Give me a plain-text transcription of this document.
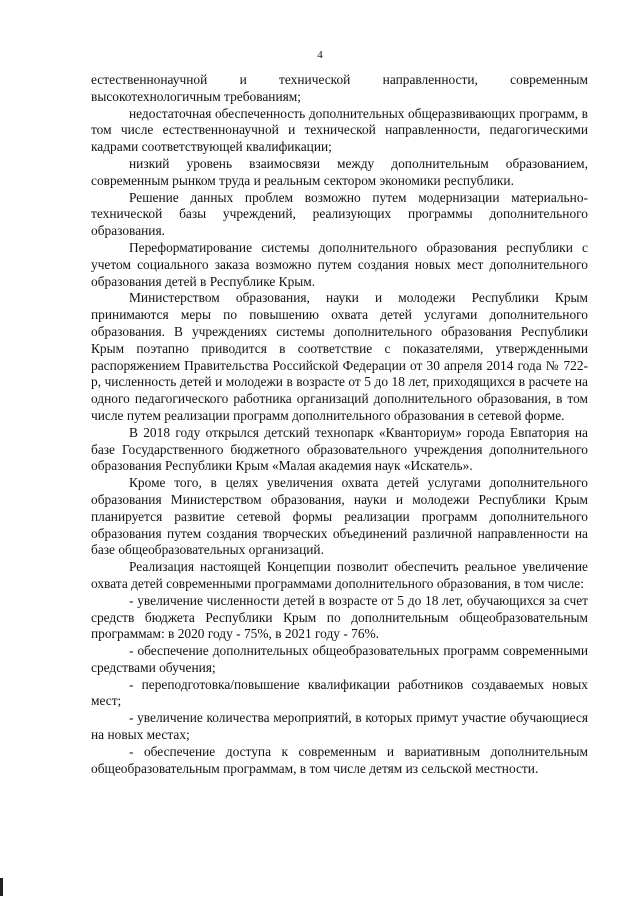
4

естественнонаучной и технической направленности, современным высокотехнологичным требованиям;

недостаточная обеспеченность дополнительных общеразвивающих программ, в том числе естественнонаучной и технической направленности, педагогическими кадрами соответствующей квалификации;

низкий уровень взаимосвязи между дополнительным образованием, современным рынком труда и реальным сектором экономики республики.

Решение данных проблем возможно путем модернизации материально-технической базы учреждений, реализующих программы дополнительного образования.

Переформатирование системы дополнительного образования республики с учетом социального заказа возможно путем создания новых мест дополнительного образования детей в Республике Крым.

Министерством образования, науки и молодежи Республики Крым принимаются меры по повышению охвата детей услугами дополнительного образования. В учреждениях системы дополнительного образования Республики Крым поэтапно приводится в соответствие с показателями, утвержденными распоряжением Правительства Российской Федерации от 30 апреля 2014 года № 722-р, численность детей и молодежи в возрасте от 5 до 18 лет, приходящихся в расчете на одного педагогического работника организаций дополнительного образования, в том числе путем реализации программ дополнительного образования в сетевой форме.

В 2018 году открылся детский технопарк «Кванториум» города Евпатория на базе Государственного бюджетного образовательного учреждения дополнительного образования Республики Крым «Малая академия наук «Искатель».

Кроме того, в целях увеличения охвата детей услугами дополнительного образования Министерством образования, науки и молодежи Республики Крым планируется развитие сетевой формы реализации программ дополнительного образования путем создания творческих объединений различной направленности на базе общеобразовательных организаций.

Реализация настоящей Концепции позволит обеспечить реальное увеличение охвата детей современными программами дополнительного образования, в том числе:

- увеличение численности детей в возрасте от 5 до 18 лет, обучающихся за счет средств бюджета Республики Крым по дополнительным общеобразовательным программам: в 2020 году - 75%, в 2021 году - 76%.

- обеспечение дополнительных общеобразовательных программ современными средствами обучения;

- переподготовка/повышение квалификации работников создаваемых новых мест;

- увеличение количества мероприятий, в которых примут участие обучающиеся на новых местах;

- обеспечение доступа к современным и вариативным дополнительным общеобразовательным программам, в том числе детям из сельской местности.
